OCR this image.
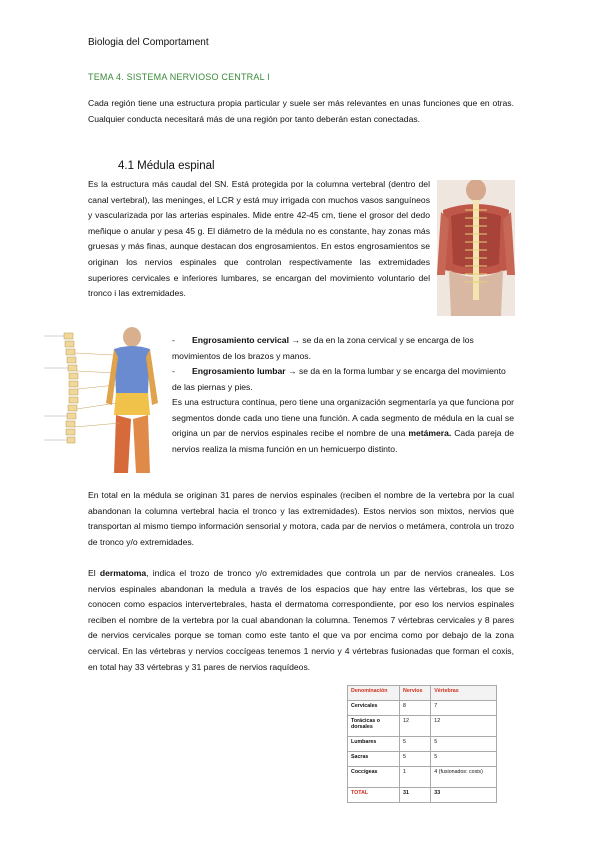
Biologia del Comportament
TEMA 4. SISTEMA NERVIOSO CENTRAL I
Cada región tiene una estructura propia particular y suele ser más relevantes en unas funciones que en otras. Cualquier conducta necesitará más de una región por tanto deberán estan conectadas.
4.1 Médula espinal
Es la estructura más caudal del SN. Está protegida por la columna vertebral (dentro del canal vertebral), las meninges, el LCR y está muy irrigada con muchos vasos sanguíneos y vascularizada por las arterias espinales. Mide entre 42-45 cm, tiene el grosor del dedo meñique o anular y pesa 45 g. El diámetro de la médula no es constante, hay zonas más gruesas y más finas, aunque destacan dos engrosamientos. En estos engrosamientos se originan los nervios espinales que controlan respectivamente las extremidades superiores cervicales e inferiores lumbares, se encargan del movimiento voluntario del tronco i las extremidades.
- Engrosamiento cervical → se da en la zona cervical y se encarga de los movimientos de los brazos y manos.
- Engrosamiento lumbar → se da en la forma lumbar y se encarga del movimiento de las piernas y pies.
Es una estructura contínua, pero tiene una organización segmentaría ya que funciona por segmentos donde cada uno tiene una función. A cada segmento de médula en la cual se origina un par de nervios espinales recibe el nombre de una metámera. Cada pareja de nervios realiza la misma función en un hemicuerpo distinto.
En total en la médula se originan 31 pares de nervios espinales (reciben el nombre de la vertebra por la cual abandonan la columna vertebral hacia el tronco y las extremidades). Estos nervios son mixtos, nervios que transportan al mismo tiempo información sensorial y motora, cada par de nervios o metámera, controla un trozo de tronco y/o extremidades.
El dermatoma, indica el trozo de tronco y/o extremidades que controla un par de nervios craneales. Los nervios espinales abandonan la medula a través de los espacios que hay entre las vértebras, los que se conocen como espacios intervertebrales, hasta el dermatoma correspondiente, por eso los nervios espinales reciben el nombre de la vertebra por la cual abandonan la columna. Tenemos 7 vértebras cervicales y 8 pares de nervios cervicales porque se toman como este tanto el que va por encima como por debajo de la zona cervical. En las vértebras y nervios coccígeas tenemos 1 nervio y 4 vértebras fusionadas que forman el coxis, en total hay 33 vértebras y 31 pares de nervios raquídeos.
Denominación	Nervios	Vértebras
Cervicales	8	7
Torácicas o dorsales	12	12
Lumbares	5	5
Sacras	5	5
Coccígeas	1	4 (fusionados: coxis)
TOTAL	31	33
